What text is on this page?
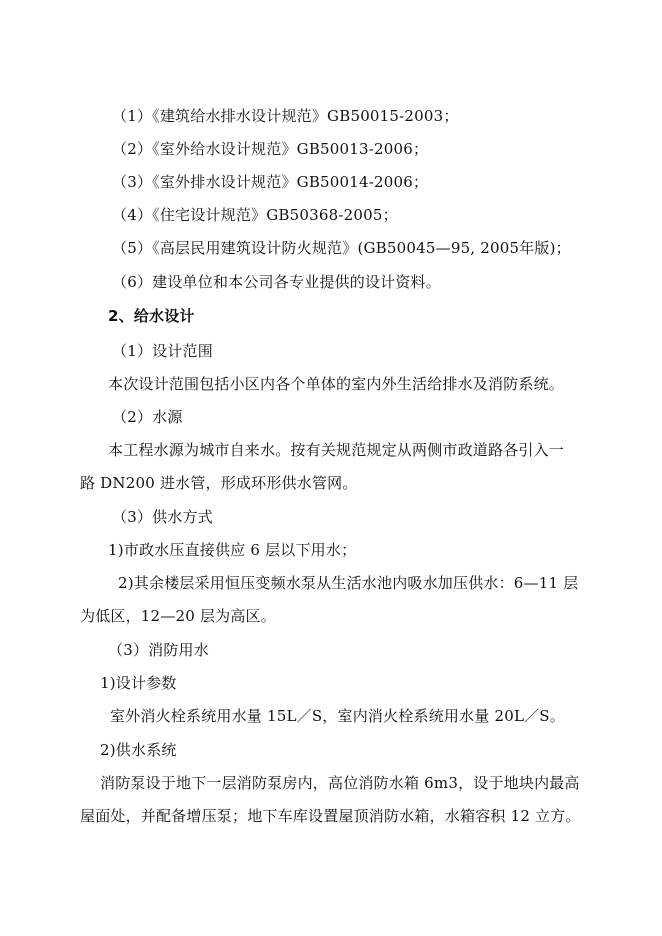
（1）《建筑给水排水设计规范》GB50015-2003；
（2）《室外给水设计规范》GB50013-2006；
（3）《室外排水设计规范》GB50014-2006；
（4）《住宅设计规范》GB50368-2005；
（5）《高层民用建筑设计防火规范》(GB50045—95, 2005年版)；
（6）建设单位和本公司各专业提供的设计资料。
2、给水设计
（1）设计范围
本次设计范围包括小区内各个单体的室内外生活给排水及消防系统。
（2）水源
本工程水源为城市自来水。按有关规范规定从两侧市政道路各引入一
路 DN200 进水管，形成环形供水管网。
（3）供水方式
1)市政水压直接供应 6 层以下用水；
2)其余楼层采用恒压变频水泵从生活水池内吸水加压供水：6—11 层
为低区，12—20 层为高区。
（3）消防用水
1)设计参数
室外消火栓系统用水量 15L／S，室内消火栓系统用水量 20L／S。
2)供水系统
消防泵设于地下一层消防泵房内，高位消防水箱 6m3，设于地块内最高
屋面处，并配备增压泵；地下车库设置屋顶消防水箱，水箱容积 12 立方。
